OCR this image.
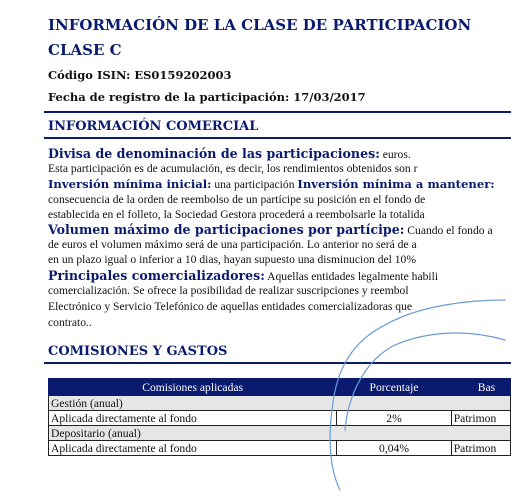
INFORMACIÓN DE LA CLASE DE PARTICIPACION
CLASE C
Código ISIN: ES0159202003
Fecha de registro de la participación: 17/03/2017
INFORMACIÓN COMERCIAL
Divisa de denominación de las participaciones: euros.
Esta participación es de acumulación, es decir, los rendimientos obtenidos son r
Inversión mínima inicial: una participación Inversión mínima a mantener:
consecuencia de la orden de reembolso de un partícipe su posición en el fondo de
establecida en el folleto, la Sociedad Gestora procederá a reembolsarle la totalida
Volumen máximo de participaciones por partícipe: Cuando el fondo a
de euros el volumen máximo será de una participación. Lo anterior no será de a
en un plazo igual o inferior a 10 dias, hayan supuesto una disminucion del 10%
Principales comercializadores: Aquellas entidades legalmente habili
comercialización. Se ofrece la posibilidad de realizar suscripciones y reembol
Electrónico y Servicio Telefónico de aquellas entidades comercializadoras que
contrato..
COMISIONES Y GASTOS
Comisiones aplicadas	Porcentaje	Bas
Gestión (anual)		
Aplicada directamente al fondo	2%	Patrimon
Depositario (anual)		
Aplicada directamente al fondo	0,04%	Patrimon
